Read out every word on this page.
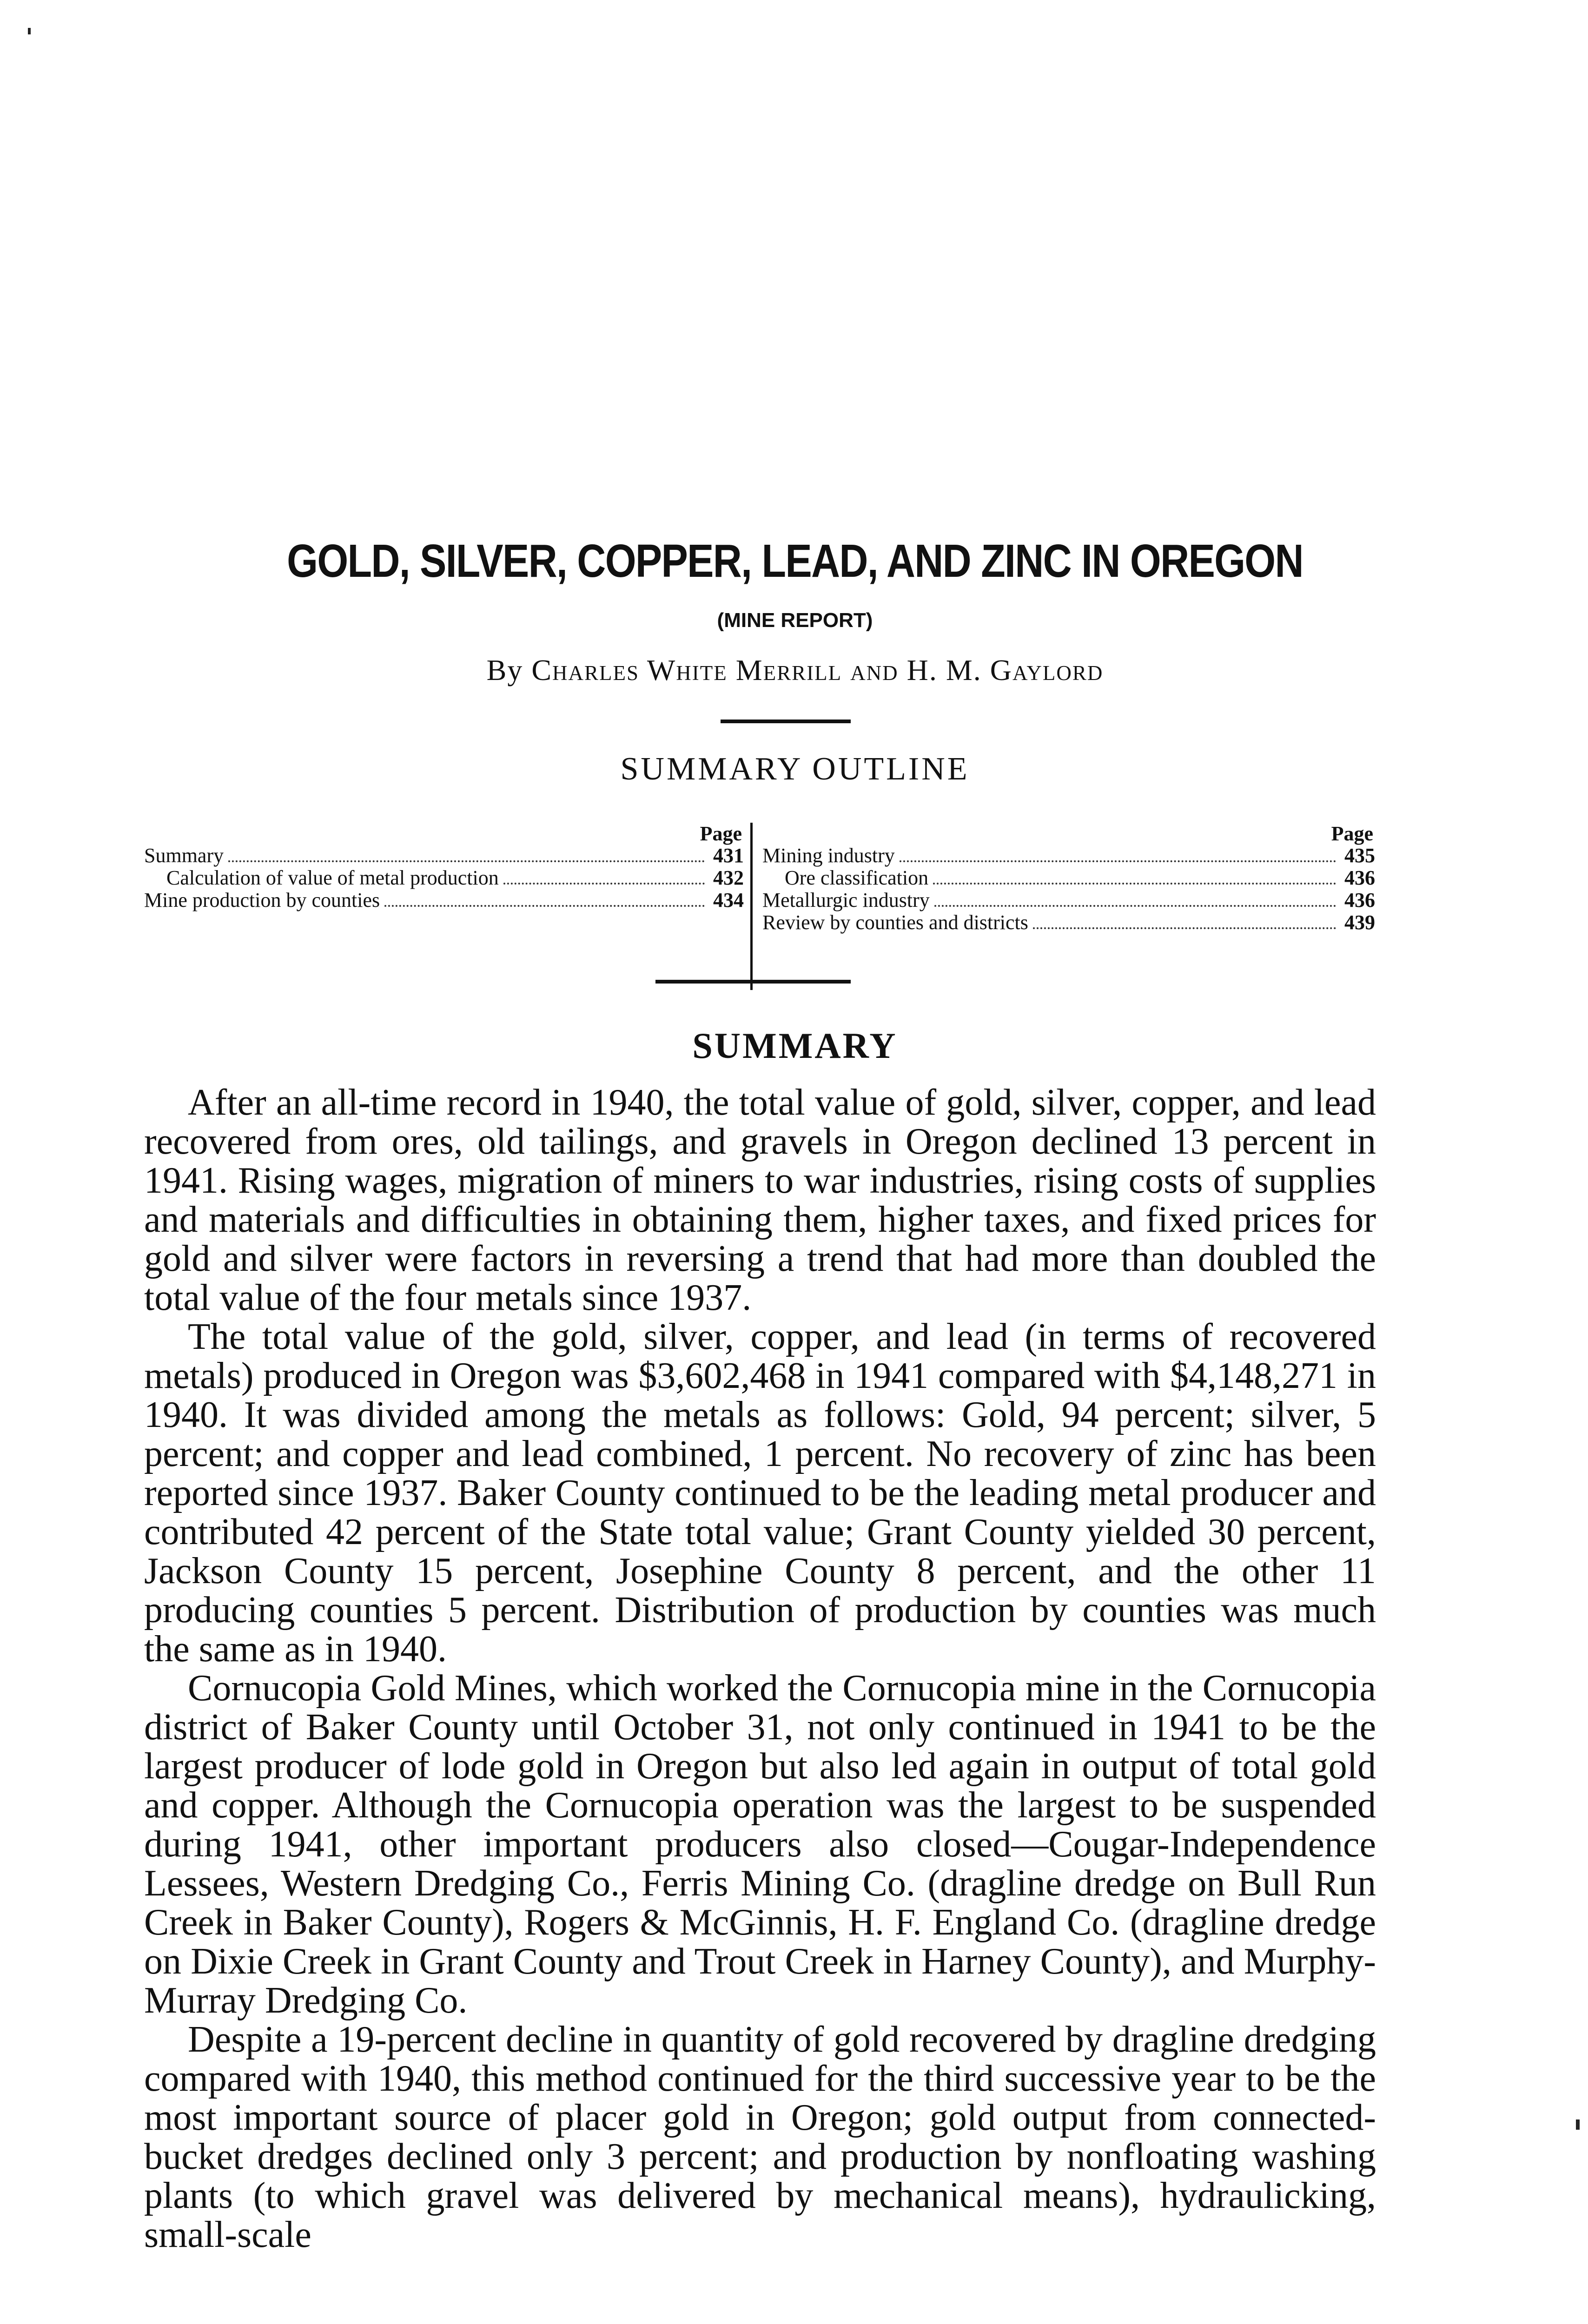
GOLD, SILVER, COPPER, LEAD, AND ZINC IN OREGON
(MINE REPORT)
By Charles White Merrill and H. M. Gaylord
SUMMARY OUTLINE
Page
Summary	431
Calculation of value of metal production	432
Mine production by counties	434
Page
Mining industry	435
Ore classification	436
Metallurgic industry	436
Review by counties and districts	439
SUMMARY

After an all-time record in 1940, the total value of gold, silver, copper, and lead recovered from ores, old tailings, and gravels in Oregon declined 13 percent in 1941. Rising wages, migration of miners to war industries, rising costs of supplies and materials and difficulties in obtaining them, higher taxes, and fixed prices for gold and silver were factors in reversing a trend that had more than doubled the total value of the four metals since 1937.

The total value of the gold, silver, copper, and lead (in terms of recovered metals) produced in Oregon was $3,602,468 in 1941 compared with $4,148,271 in 1940. It was divided among the metals as follows: Gold, 94 percent; silver, 5 percent; and copper and lead combined, 1 percent. No recovery of zinc has been reported since 1937. Baker County continued to be the leading metal producer and contributed 42 percent of the State total value; Grant County yielded 30 percent, Jackson County 15 percent, Josephine County 8 percent, and the other 11 producing counties 5 percent. Distribution of production by counties was much the same as in 1940.

Cornucopia Gold Mines, which worked the Cornucopia mine in the Cornucopia district of Baker County until October 31, not only continued in 1941 to be the largest producer of lode gold in Oregon but also led again in output of total gold and copper. Although the Cornucopia operation was the largest to be suspended during 1941, other important producers also closed—Cougar-Independence Lessees, Western Dredging Co., Ferris Mining Co. (dragline dredge on Bull Run Creek in Baker County), Rogers & McGinnis, H. F. England Co. (dragline dredge on Dixie Creek in Grant County and Trout Creek in Harney County), and Murphy-Murray Dredging Co.

Despite a 19-percent decline in quantity of gold recovered by dragline dredging compared with 1940, this method continued for the third successive year to be the most important source of placer gold in Oregon; gold output from connected-bucket dredges declined only 3 percent; and production by nonfloating washing plants (to which gravel was delivered by mechanical means), hydraulicking, small-scale
